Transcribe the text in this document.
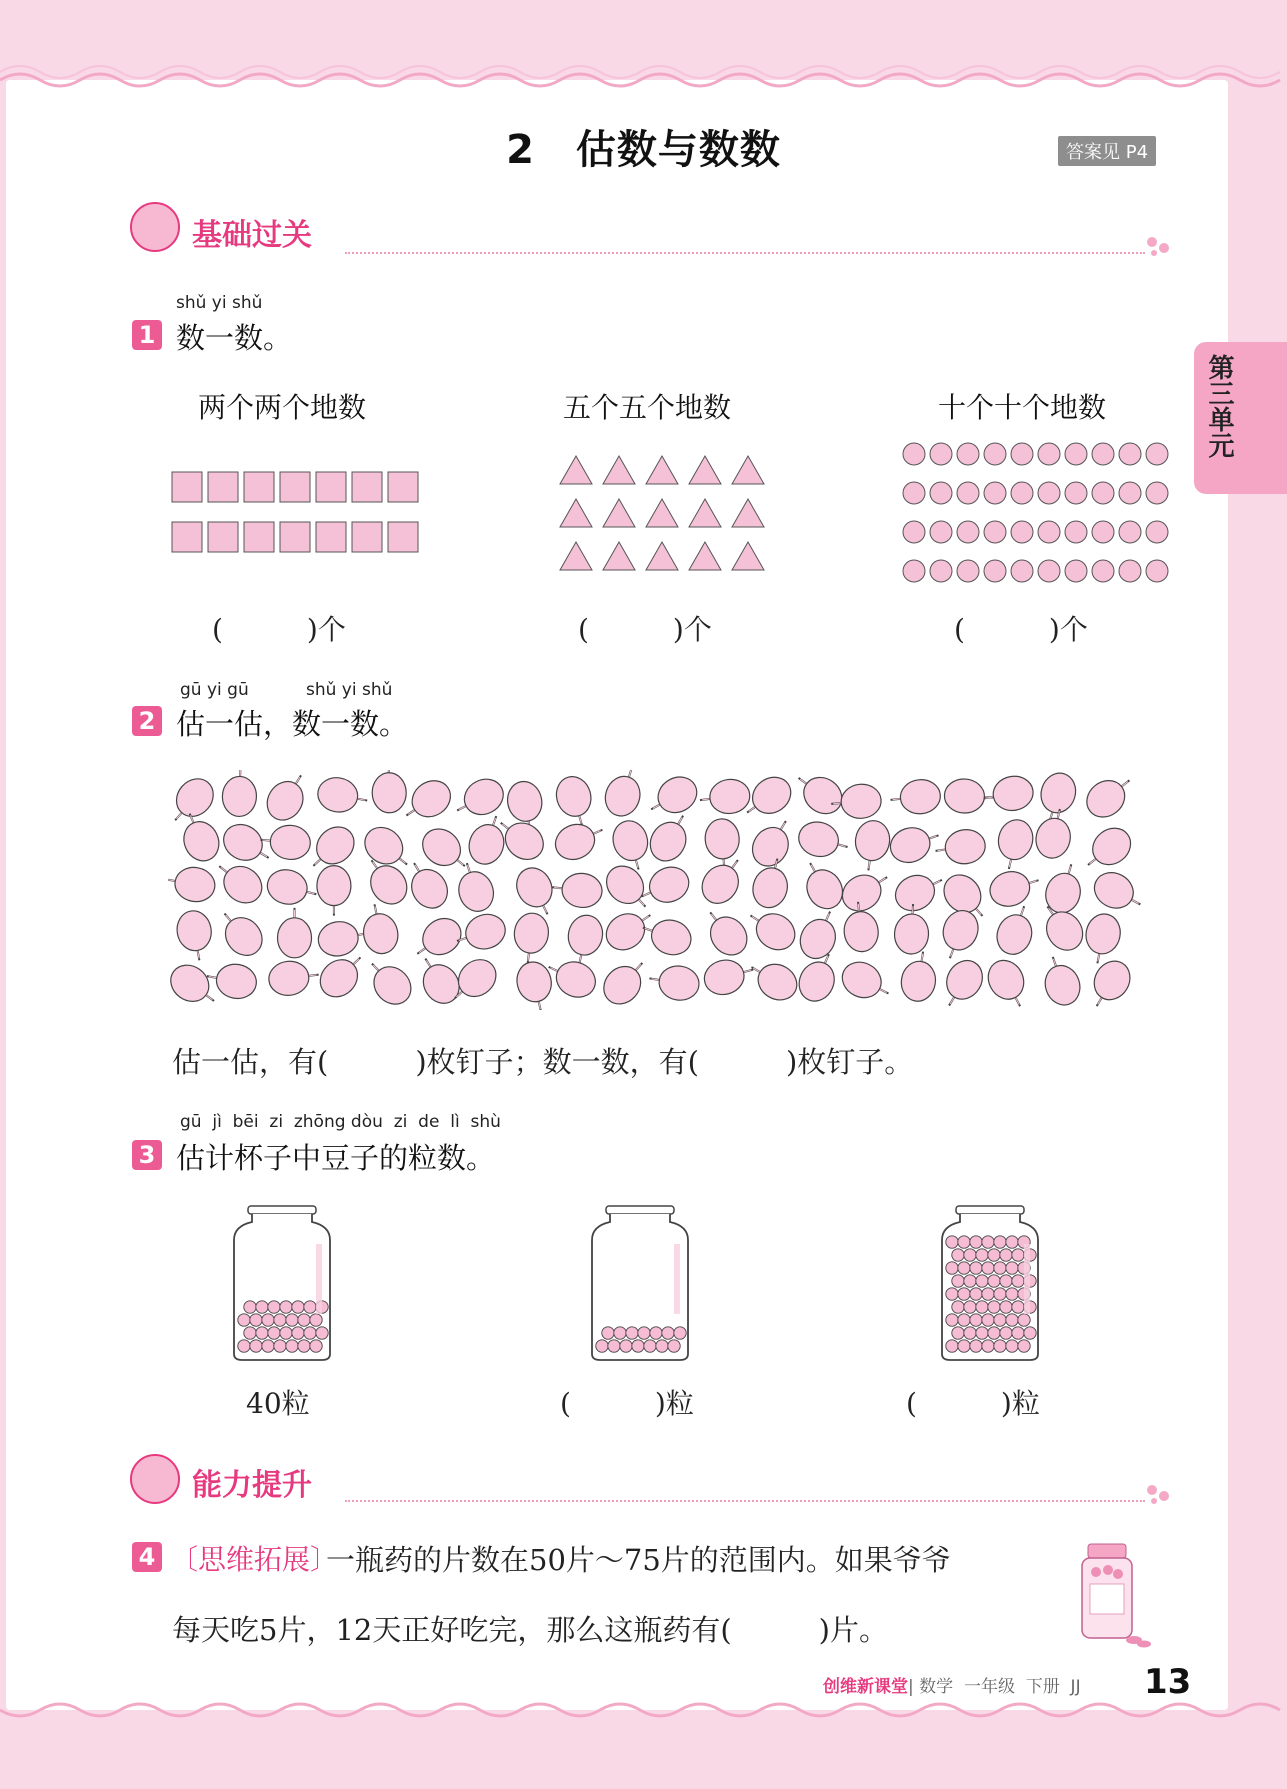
2　估数与数数	答案见 P4
第三单元
基础过关
shǔ yi shǔ
1 数一数。
两个两个地数	五个五个地数	十个十个地数
(　　　)个	(　　　)个	(　　　)个
gū yi gū	shǔ yi shǔ
2 估一估，数一数。
估一估，有(　　　)枚钉子；数一数，有(　　　)枚钉子。
gū  jì  bēi  zi  zhōng dòu  zi  de  lì  shù
3 估计杯子中豆子的粒数。
40粒	(　　　)粒	(　　　)粒
能力提升
4 〔思维拓展〕
一瓶药的片数在50片～75片的范围内。如果爷爷
每天吃5片，12天正好吃完，那么这瓶药有(　　　)片。
创维新课堂| 数学  一年级  下册  JJ 13
